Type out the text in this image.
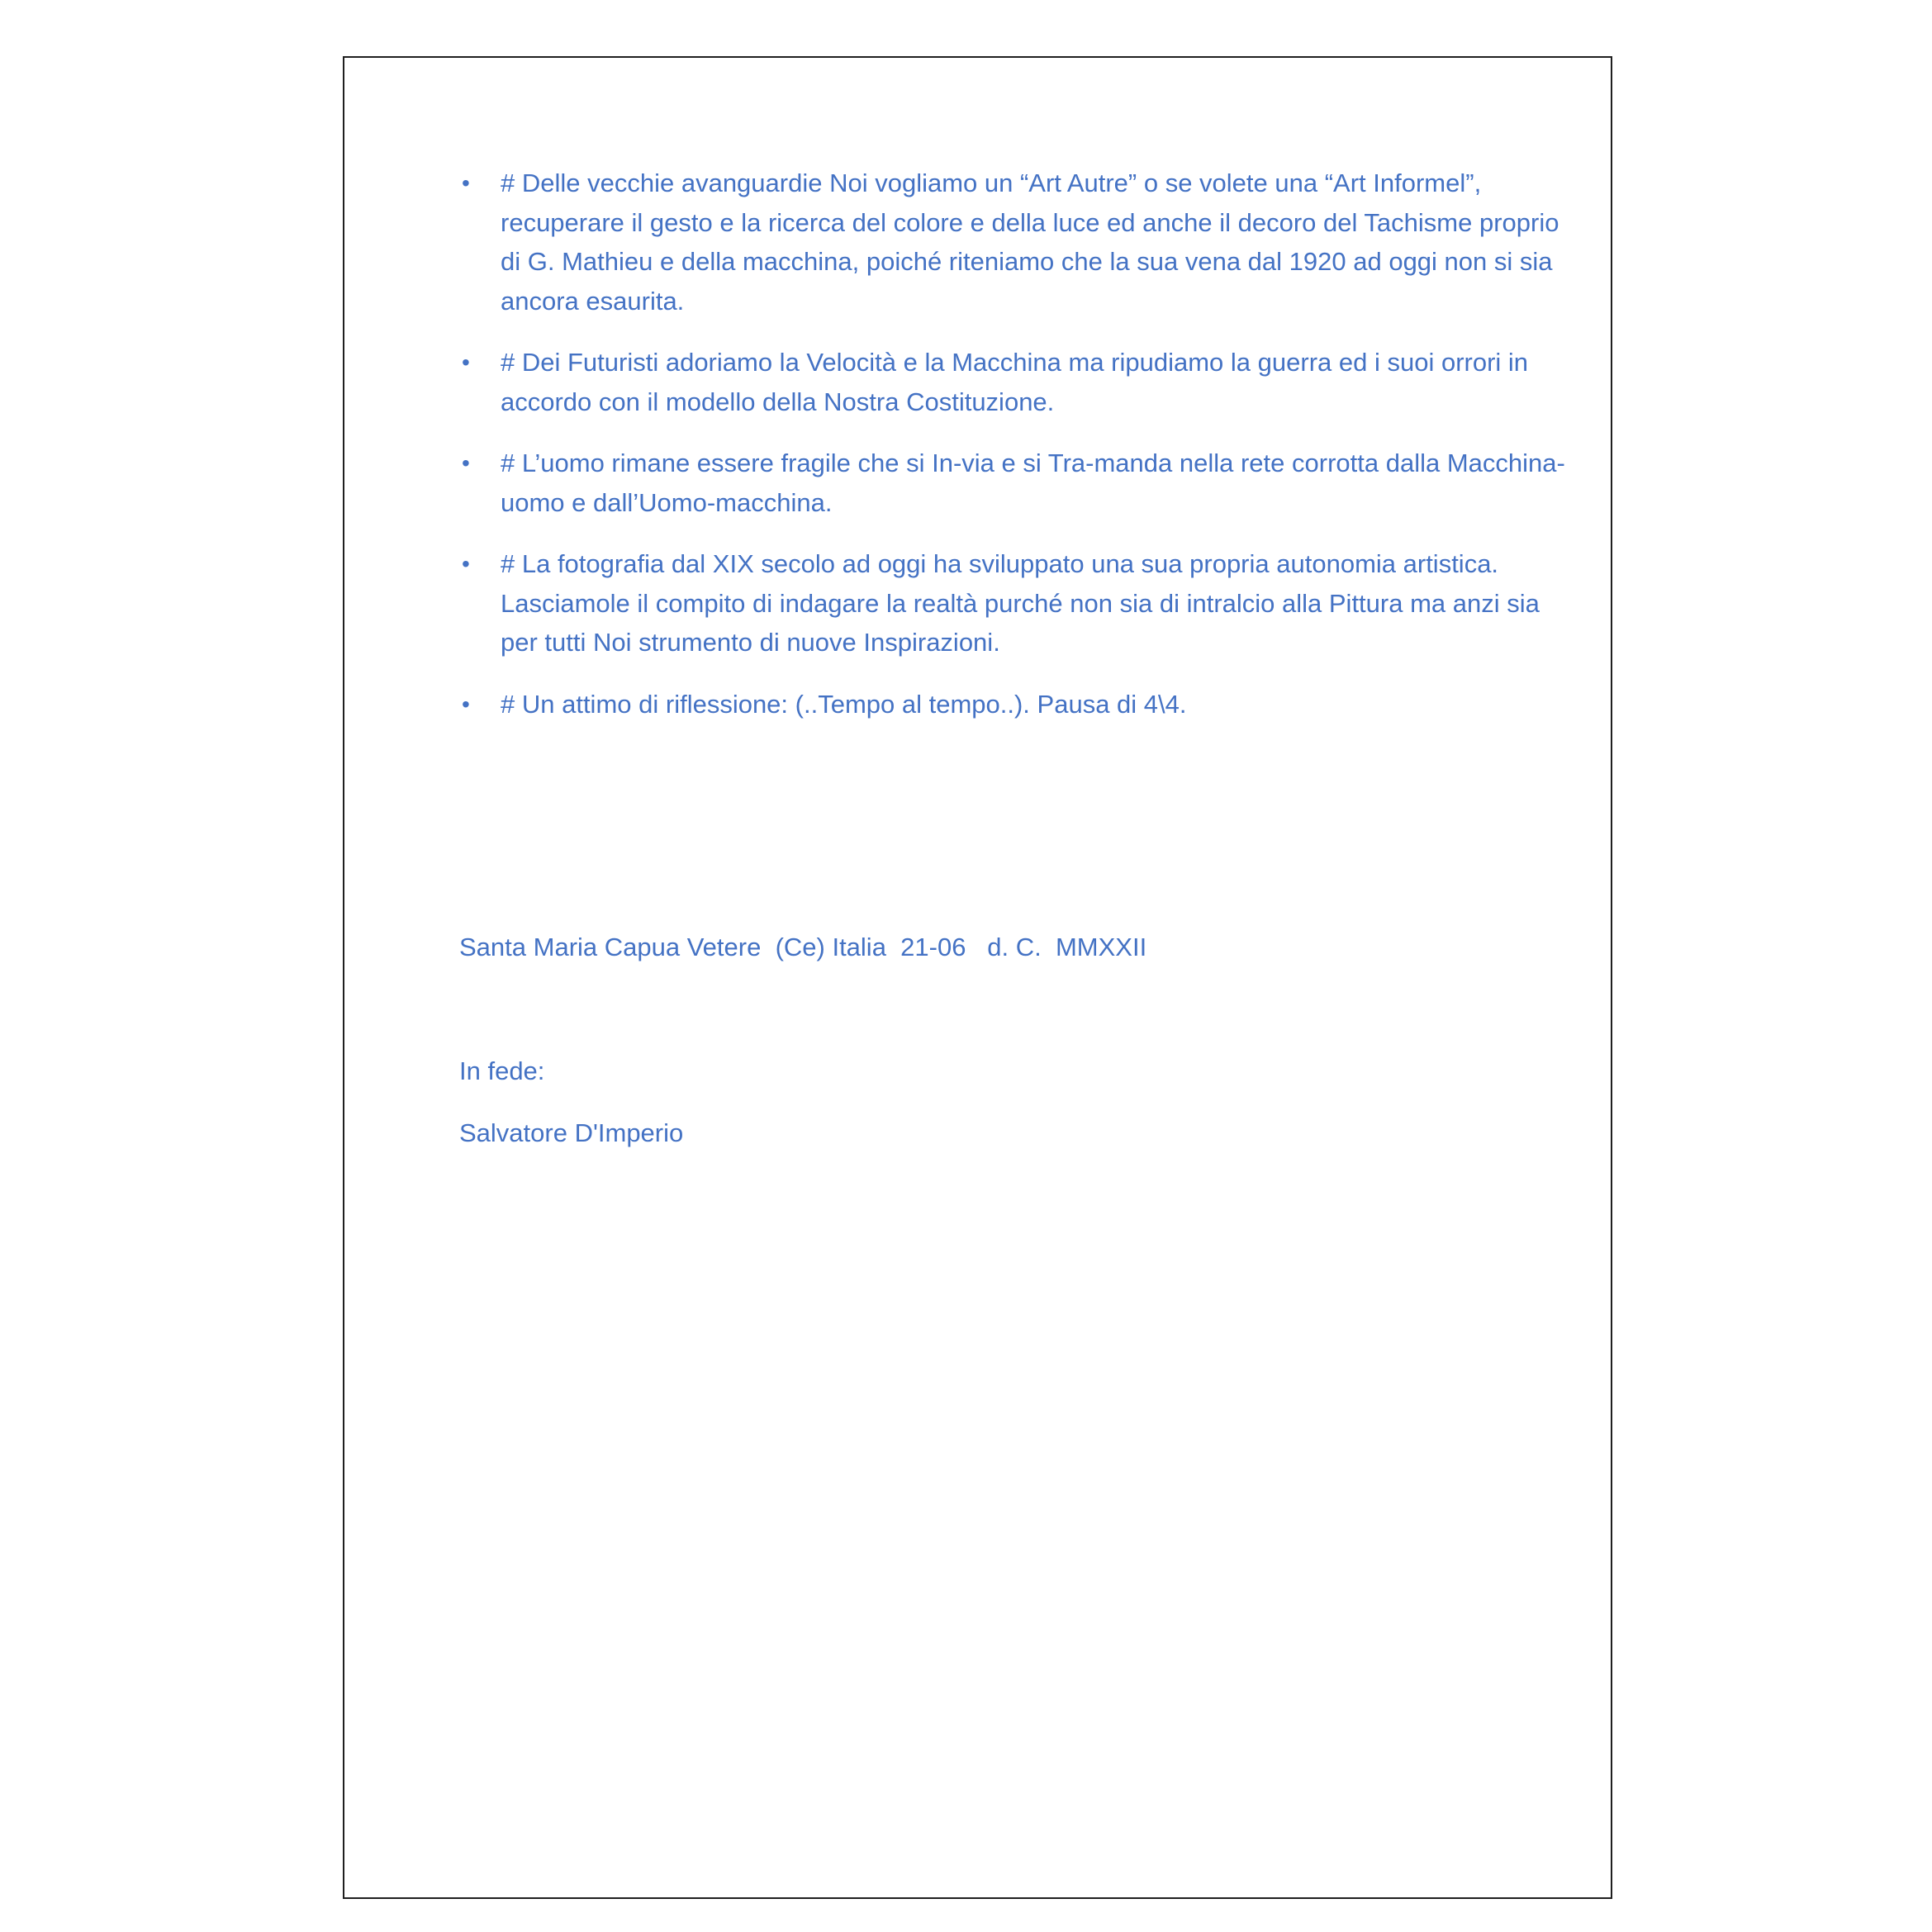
• # Delle vecchie avanguardie Noi vogliamo un “Art Autre” o se volete una “Art Informel”, recuperare il gesto e la ricerca del colore e della luce ed anche il decoro del Tachisme proprio di G. Mathieu e della macchina, poiché riteniamo che la sua vena dal 1920 ad oggi non si sia ancora esaurita.
• # Dei Futuristi adoriamo la Velocità e la Macchina ma ripudiamo la guerra ed i suoi orrori in accordo con il modello della Nostra Costituzione.
• # L’uomo rimane essere fragile che si In-via e si Tra-manda nella rete corrotta dalla Macchina-uomo e dall’Uomo-macchina.
• # La fotografia dal XIX secolo ad oggi ha sviluppato una sua propria autonomia artistica. Lasciamole il compito di indagare la realtà purché non sia di intralcio alla Pittura ma anzi sia per tutti Noi strumento di nuove Inspirazioni.
• # Un attimo di riflessione: (..Tempo al tempo..). Pausa di 4\4.
Santa Maria Capua Vetere  (Ce) Italia  21-06   d. C.  MMXXII
In fede:
Salvatore D'Imperio
